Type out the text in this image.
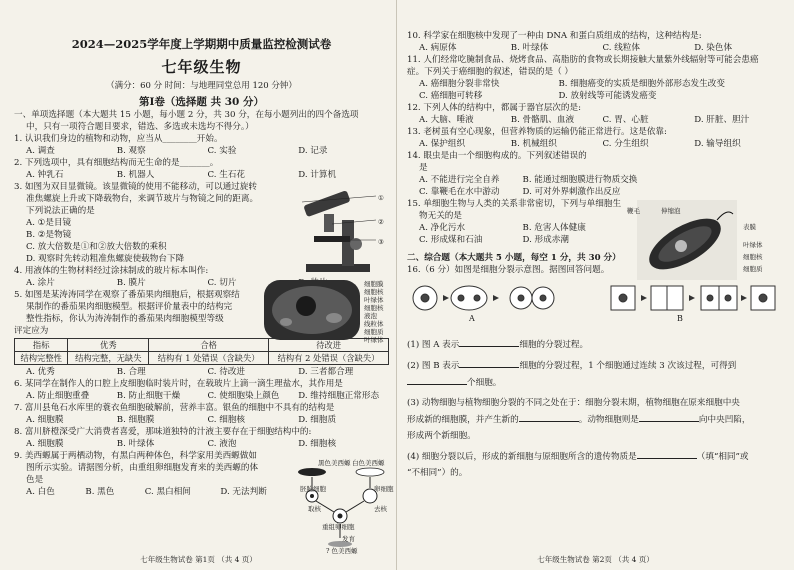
2024—2025学年度上学期期中质量监控检测试卷

七年级生物

（满分：60 分 时间：与地理同堂总用 120 分钟）

第Ⅰ卷（选择题 共 30 分）

一、单项选择题（本大题共 15 小题，每小题 2 分，共 30 分，在每小题列出的四个备选项

中，只有一项符合题目要求，错选、多选或未选均不得分。）

1. 认识我们身边的植物和动物，应当从________开始。

A. 调查	B. 观察	C. 实验	D. 记录

2. 下列选项中，具有细胞结构而无生命的是_______。

A. 钟乳石	B. 机器人	C. 生石花	D. 计算机

3. 如图为双目显微镜。该显微镜的使用不能移动，可以通过旋转

准焦螺旋上升或下降载物台，来调节玻片与物镜之间的距离。

下列说法正确的是

A. ①是目镜

B. ②是物镜

C. 放大倍数是①和②放大倍数的乘积

D. 观察时先转动粗准焦螺旋使载物台下降

4. 用液体的生物材料经过涂抹制成的玻片标本叫作:

A. 涂片	B. 膜片	C. 切片

5. 如图是某涛涛同学在观察了番茄果肉细胞后，根据观察结

果制作的番茄果肉细胞模型。根据评价量表中的结构完

整性指标，你认为涛涛制作的番茄果肉细胞模型等级

评定应为

指标	优秀	合格	待改进
结构完整性	结构完整，无缺失	结构有 1 处错误（含缺失）	结构有 2 处错误（含缺失）
A. 优秀	B. 合理	C. 待改进	D. 三者都合理

6. 某同学在制作人的口腔上皮细胞临时装片时，在载玻片上滴一滴生理盐水，其作用是

A. 防止细胞重叠	B. 防止细胞干燥	C. 使细胞染上颜色	D. 维持细胞正常形态

7. 富川县龟石水库里的蓑衣鱼细胞破解前，营养丰富。银鱼的细胞中不具有的结构是

A. 细胞膜	B. 细胞膜	C. 细胞核	D. 细胞质

8. 富川脐橙深受广大消费者喜爱，那味道独特的汁液主要存在于细胞结构中的:

A. 细胞膜	B. 叶绿体	C. 液泡	D. 细胞核

9. 美西螈属于两栖动物，有黑白两种体色，科学家用美西螈做如

图所示实验。请据图分析，由重组卵细胞发育来的美西螈的体

色是

A. 白色	B. 黑色	C. 黑白相间	D. 无法判断
①
②
③
细胞膜
细胞核
叶绿体
细胞核
液泡
线粒体
细胞质
叶绿体
黑色美西螈 白色美西螈
胚胎细胞	卵细胞
取核	去核
重组卵细胞
发育
? 色美西螈

七年级生物试卷 第1页 （共 4 页）

10. 科学家在细胞核中发现了一种由 DNA 和蛋白质组成的结构，这种结构是:

A. 病原体	B. 叶绿体	C. 线粒体	D. 染色体

11. 人们经常吃腌制食品、烧烤食品、高脂肪的食物或长期接触大量紫外线辐射等可能会患癌

症。下列关于癌细胞的叙述，错误的是（ ）

A. 癌细胞分裂非常快	B. 细胞癌变的实质是细胞外部形态发生改变
C. 癌细胞可转移	D. 放射线等可能诱发癌变

12. 下列人体的结构中，都属于器官层次的是:

A. 大脑、唾液	B. 骨骼肌、血液	C. 胃、心脏	D. 肝脏、胆汁

13. 老树虽有空心现象，但营养物质的运输仍能正常进行。这是依靠:

A. 保护组织	B. 机械组织	C. 分生组织	D. 输导组织

14. 眼虫是由一个细胞构成的。下列叙述错误的

是

A. 不能进行完全自养	B. 能通过细胞膜进行物质交换
C. 靠鞭毛在水中游动	D. 可对外界刺激作出反应

15. 单细胞生物与人类的关系非常密切，下列与单细胞生

物无关的是

A. 净化污水	B. 危害人体健康
C. 形成煤和石油	D. 形成赤潮
鞭毛	伸缩泡
表膜
叶绿体
细胞核
细胞质

二、综合题（本大题共 5 小题，每空 1 分，共 30 分）

16.（6 分）如图是细胞分裂示意图。据图回答问题。

A	B

(1) 图 A 表示	细胞的分裂过程。

(2) 图 B 表示	细胞的分裂过程，1 个细胞通过连续 3 次该过程，可得到

个细胞。

(3) 动物细胞与植物细胞分裂的不同之处在于：细胞分裂末期，植物细胞在原来细胞中央

形成新的细胞膜，并产生新的	。动物细胞则是	向中央凹陷，

形成两个新细胞。

(4) 细胞分裂以后，形成的新细胞与原细胞所含的遗传物质是	（填“相同”或

“不相同”）的。

七年级生物试卷 第2页 （共 4 页）
